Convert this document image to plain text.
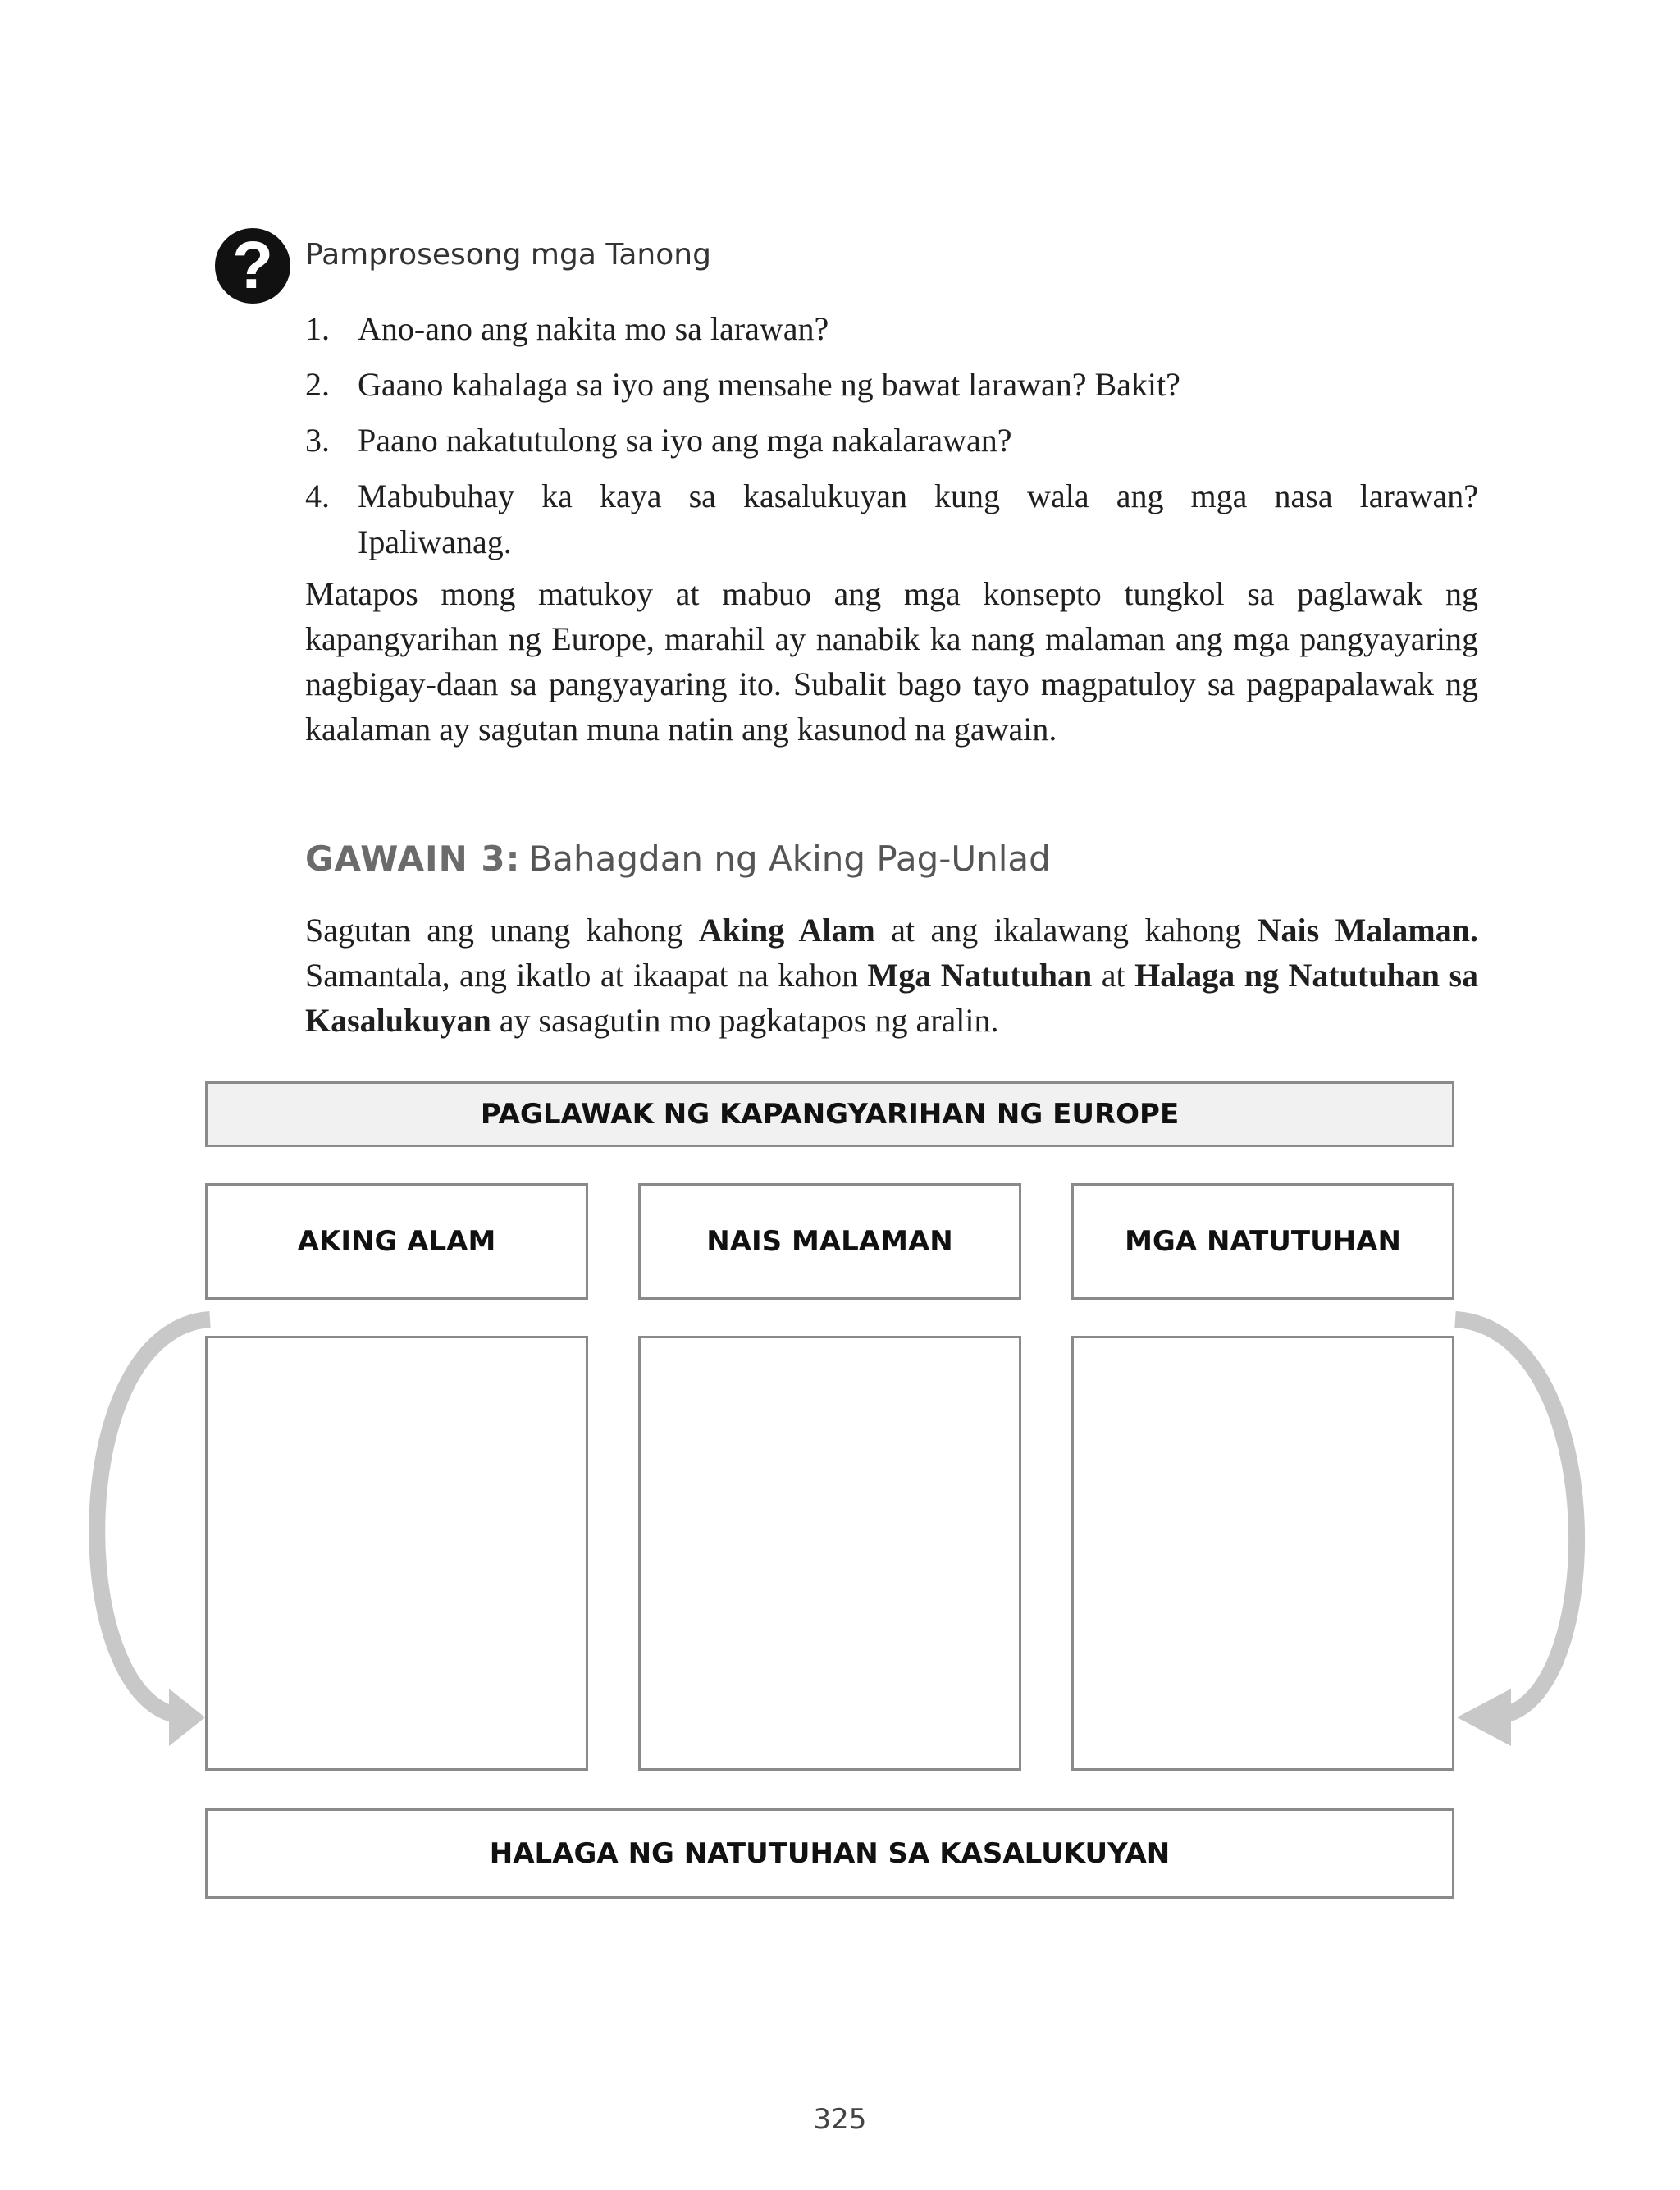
?	Pamprosesong mga Tanong
1. Ano-ano ang nakita mo sa larawan?
2. Gaano kahalaga sa iyo ang mensahe ng bawat larawan? Bakit?
3. Paano nakatutulong sa iyo ang mga nakalarawan?
4. Mabubuhay ka kaya sa kasalukuyan kung wala ang mga nasa larawan?
Ipaliwanag.

Matapos mong matukoy at mabuo ang mga konsepto tungkol sa paglawak ng kapangyarihan ng Europe, marahil ay nanabik ka nang malaman ang mga pangyayaring nagbigay-daan sa pangyayaring ito. Subalit bago tayo magpatuloy sa pagpapalawak ng kaalaman ay sagutan muna natin ang kasunod na gawain.

GAWAIN 3: Bahagdan ng Aking Pag-Unlad

Sagutan ang unang kahong Aking Alam at ang ikalawang kahong Nais Malaman. Samantala, ang ikatlo at ikaapat na kahon Mga Natutuhan at Halaga ng Natutuhan sa Kasalukuyan ay sasagutin mo pagkatapos ng aralin.

PAGLAWAK NG KAPANGYARIHAN NG EUROPE
AKING ALAM	NAIS MALAMAN	MGA NATUTUHAN
HALAGA NG NATUTUHAN SA KASALUKUYAN
325
